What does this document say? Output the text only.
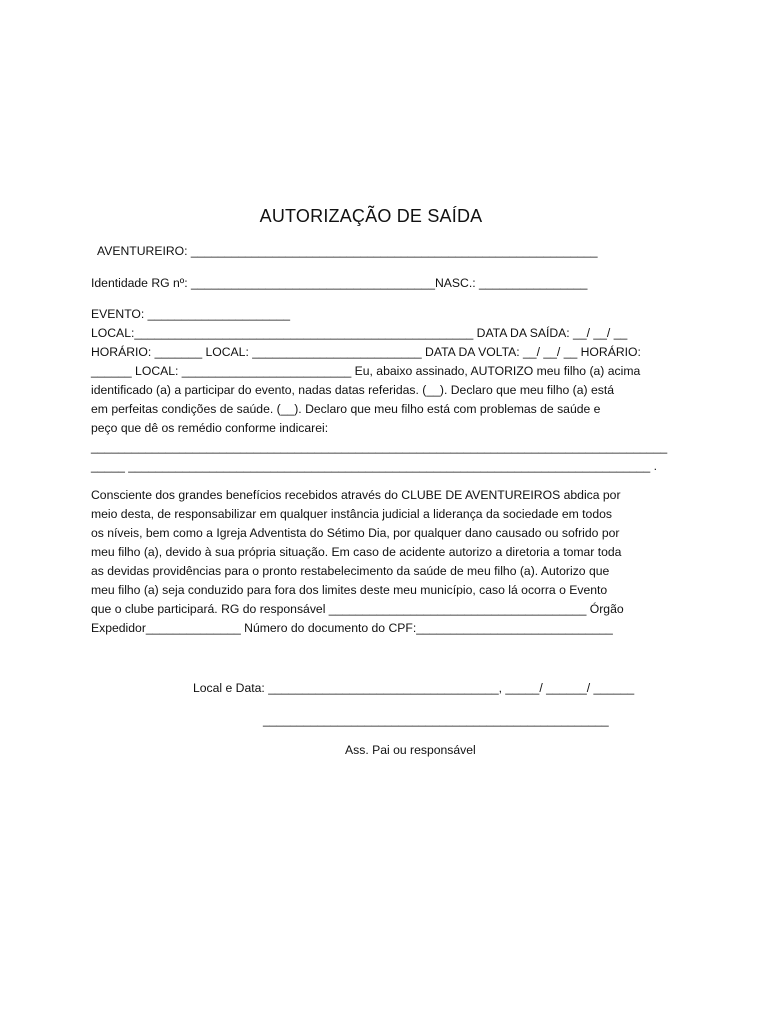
AUTORIZAÇÃO DE SAÍDA
AVENTUREIRO: ____________________________________________________________
Identidade RG nº: ____________________________________NASC.: ________________
EVENTO: _____________________
LOCAL:__________________________________________________ DATA DA SAÍDA: __/ __/ __
HORÁRIO: _______ LOCAL: _________________________ DATA DA VOLTA: __/ __/ __ HORÁRIO:
______ LOCAL: _________________________ Eu, abaixo assinado, AUTORIZO meu filho (a) acima
identificado (a) a participar do evento, nadas datas referidas. (__). Declaro que meu filho (a) está
em perfeitas condições de saúde. (__). Declaro que meu filho está com problemas de saúde e
peço que dê os remédio conforme indicarei:
_____________________________________________________________________________________
_____ _____________________________________________________________________________ .
Consciente dos grandes benefícios recebidos através do CLUBE DE AVENTUREIROS abdica por
meio desta, de responsabilizar em qualquer instância judicial a liderança da sociedade em todos
os níveis, bem como a Igreja Adventista do Sétimo Dia, por qualquer dano causado ou sofrido por
meu filho (a), devido à sua própria situação. Em caso de acidente autorizo a diretoria a tomar toda
as devidas providências para o pronto restabelecimento da saúde de meu filho (a). Autorizo que
meu filho (a) seja conduzido para fora dos limites deste meu município, caso lá ocorra o Evento
que o clube participará. RG do responsável ______________________________________ Órgão
Expedidor______________ Número do documento do CPF:_____________________________
Local e Data: __________________________________, _____/ ______/ ______
___________________________________________________
Ass. Pai ou responsável
